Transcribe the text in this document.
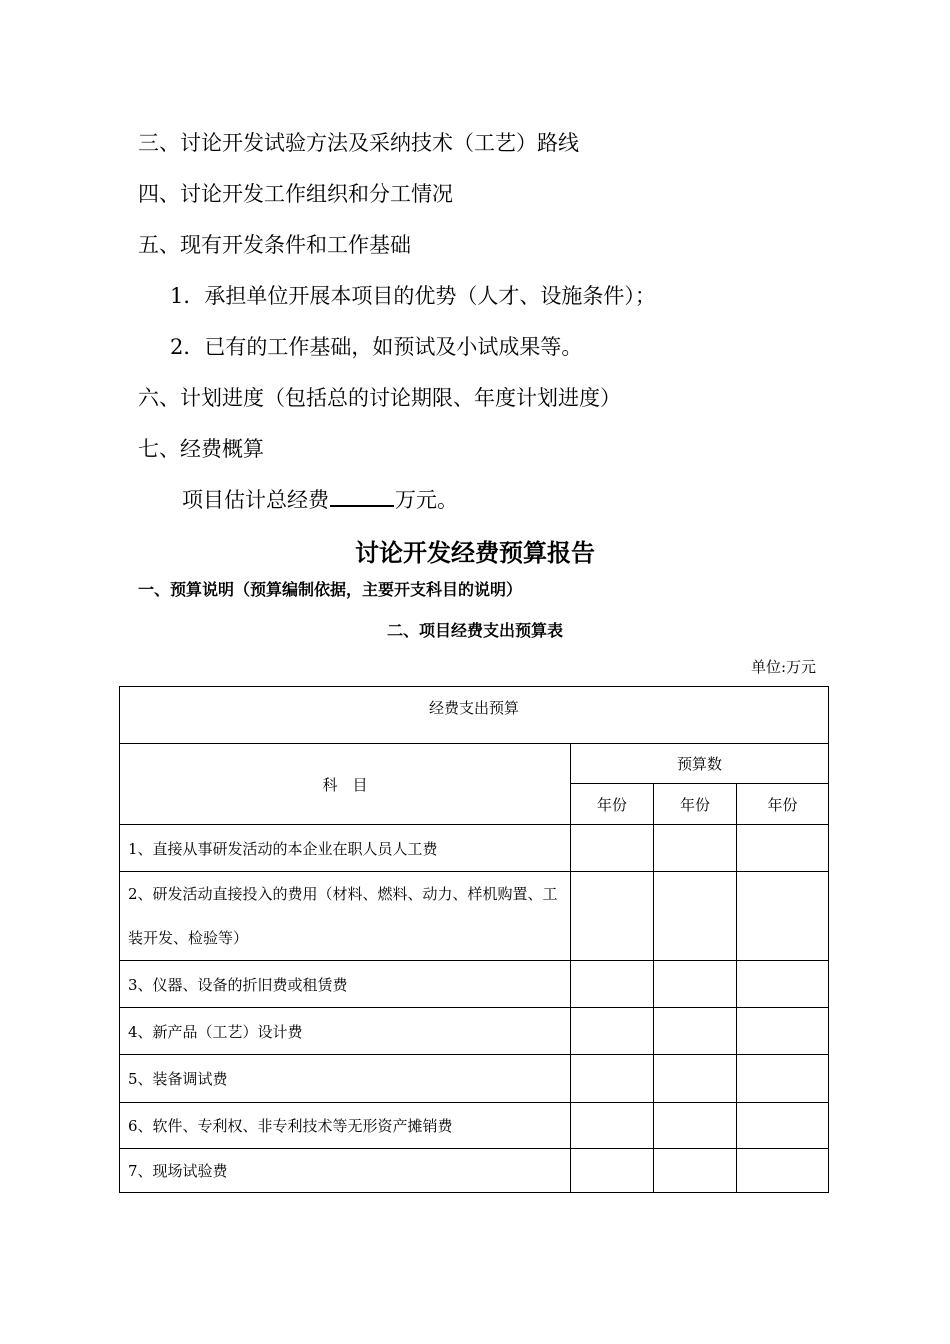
三、讨论开发试验方法及采纳技术（工艺）路线
四、讨论开发工作组织和分工情况
五、现有开发条件和工作基础
1．承担单位开展本项目的优势（人才、设施条件）；
2．已有的工作基础，如预试及小试成果等。
六、计划进度（包括总的讨论期限、年度计划进度）
七、经费概算
项目估计总经费	万元。
讨论开发经费预算报告
一、预算说明（预算编制依据，主要开支科目的说明）
二、项目经费支出预算表
单位:万元
经费支出预算			
科　目	预算数		
	年份	年份	年份
1、直接从事研发活动的本企业在职人员人工费			
2、研发活动直接投入的费用（材料、燃料、动力、样机购置、工装开发、检验等）			
3、仪器、设备的折旧费或租赁费			
4、新产品（工艺）设计费			
5、装备调试费			
6、软件、专利权、非专利技术等无形资产摊销费			
7、现场试验费			
